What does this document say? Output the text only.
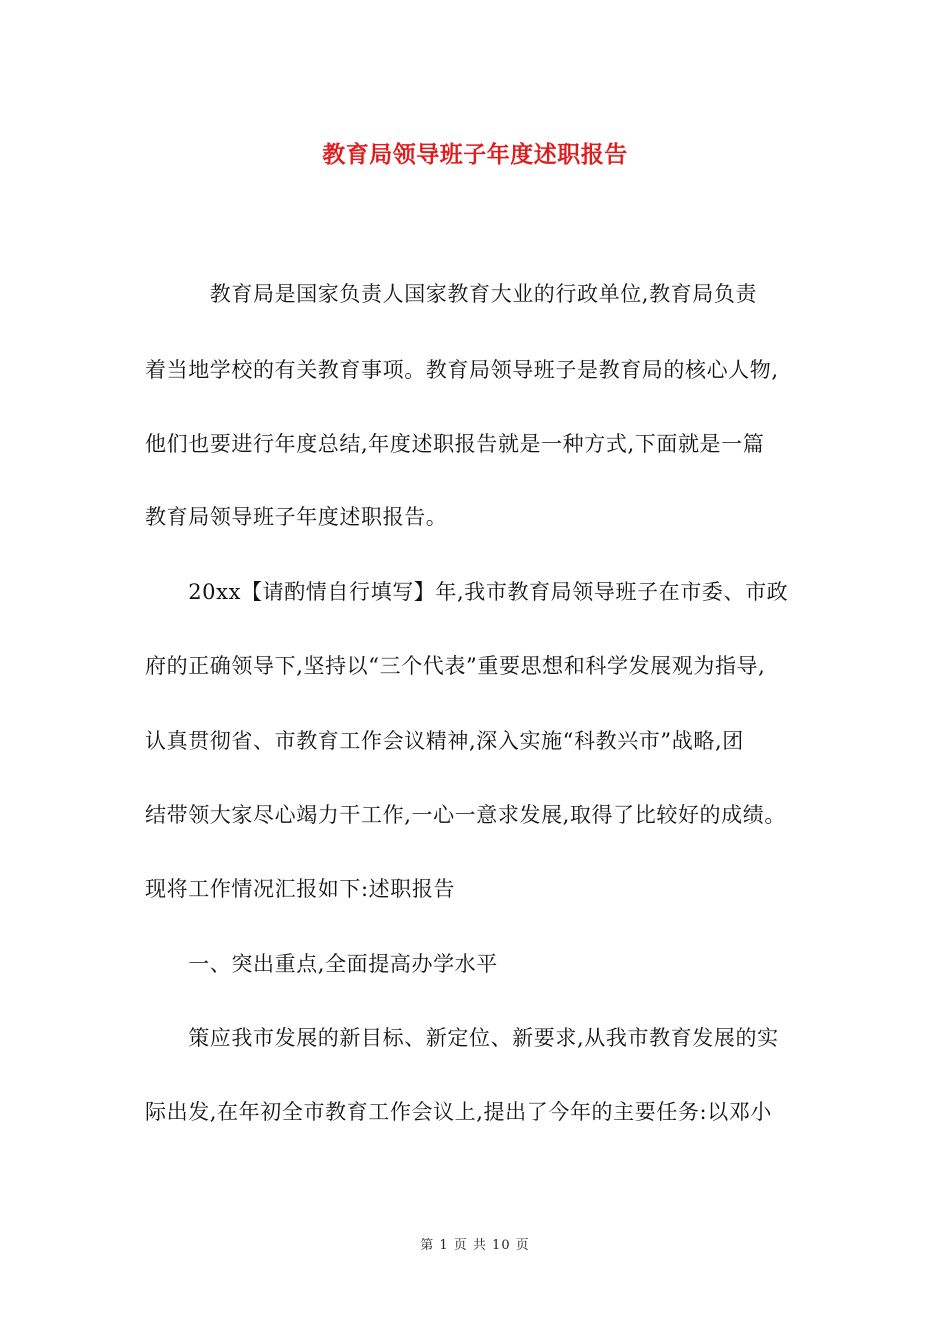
教育局领导班子年度述职报告
　　　教育局是国家负责人国家教育大业的行政单位,教育局负责
着当地学校的有关教育事项。教育局领导班子是教育局的核心人物,
他们也要进行年度总结,年度述职报告就是一种方式,下面就是一篇
教育局领导班子年度述职报告。
　　20xx【请酌情自行填写】年,我市教育局领导班子在市委、市政
府的正确领导下,坚持以“三个代表”重要思想和科学发展观为指导,
认真贯彻省、市教育工作会议精神,深入实施“科教兴市”战略,团
结带领大家尽心竭力干工作,一心一意求发展,取得了比较好的成绩。
现将工作情况汇报如下:述职报告
　　一、突出重点,全面提高办学水平
　　策应我市发展的新目标、新定位、新要求,从我市教育发展的实
际出发,在年初全市教育工作会议上,提出了今年的主要任务:以邓小
第 1 页 共 10 页
